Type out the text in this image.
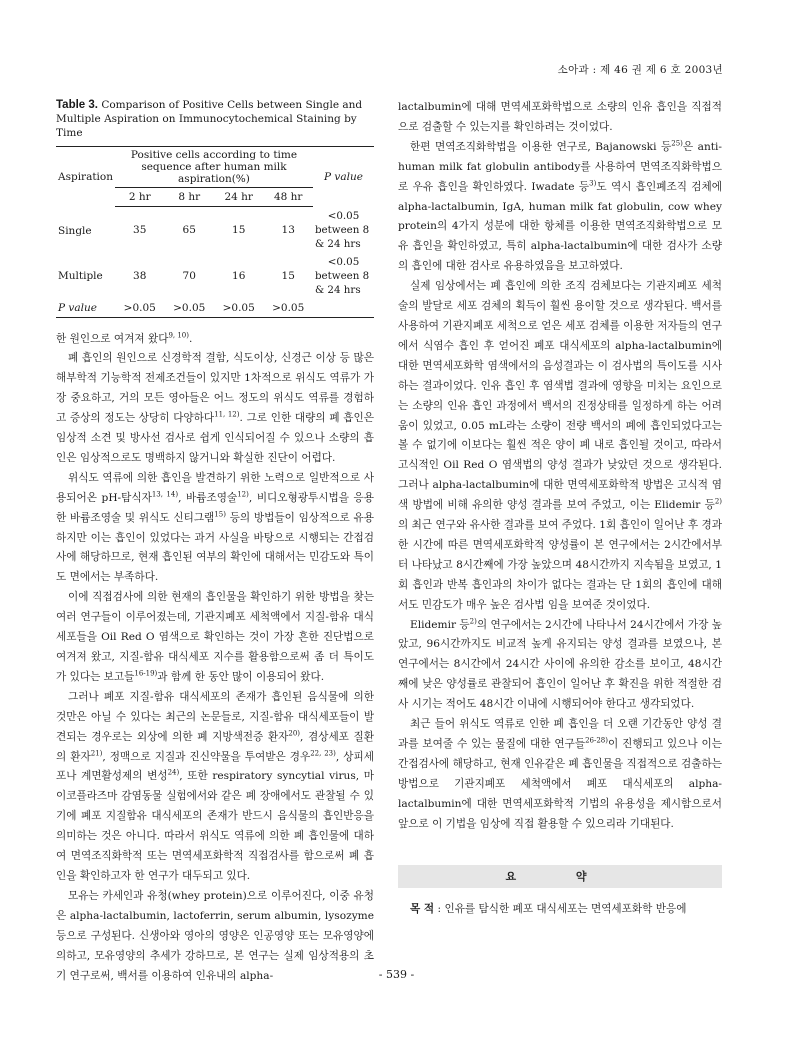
소아과 : 제 46 권 제 6 호 2003년
Table 3. Comparison of Positive Cells between Single and Multiple Aspiration on Immunocytochemical Staining by Time
Aspiration	Positive cells according to time sequence after human milk aspiration(%)				P value
	2 hr	8 hr	24 hr	48 hr	
Single	35	65	15	13	<0.05
between 8 & 24 hrs

Multiple	38	70	16	15	<0.05
between 8 & 24 hrs

P value	>0.05	>0.05	>0.05	>0.05	

한 원인으로 여겨져 왔다$^{9, 10)}$.

폐 흡인의 원인으로 신경학적 결함, 식도이상, 신경근 이상 등 많은 해부학적 기능학적 전제조건들이 있지만 1차적으로 위식도 역류가 가장 중요하고, 거의 모든 영아들은 어느 정도의 위식도 역류를 경험하고 증상의 정도는 상당히 다양하다$^{11, 12)}$. 그로 인한 대량의 폐 흡인은 임상적 소견 및 방사선 검사로 쉽게 인식되어질 수 있으나 소량의 흡인은 임상적으로도 명백하지 않거니와 확실한 진단이 어렵다.

위식도 역류에 의한 흡인을 발견하기 위한 노력으로 일반적으로 사용되어온 pH-탐식자$^{13, 14)}$, 바륨조영술$^{12)}$, 비디오형광투시법을 응용한 바륨조영술 및 위식도 신티그램$^{15)}$ 등의 방법들이 임상적으로 유용하지만 이는 흡인이 있었다는 과거 사실을 바탕으로 시행되는 간접검사에 해당하므로, 현재 흡인된 여부의 확인에 대해서는 민감도와 특이도 면에서는 부족하다.

이에 직접검사에 의한 현재의 흡인물을 확인하기 위한 방법을 찾는 여러 연구들이 이루어졌는데, 기관지폐포 세척액에서 지질-함유 대식세포들을 Oil Red O 염색으로 확인하는 것이 가장 흔한 진단법으로 여겨져 왔고, 지질-함유 대식세포 지수를 활용함으로써 좀 더 특이도가 있다는 보고들$^{16-19)}$과 함께 한 동안 많이 이용되어 왔다.

그러나 폐포 지질-함유 대식세포의 존재가 흡인된 음식물에 의한 것만은 아닐 수 있다는 최근의 논문들로, 지질-함유 대식세포들이 발견되는 경우로는 외상에 의한 폐 지방색전증 환자$^{20)}$, 겸상세포 질환의 환자$^{21)}$, 정맥으로 지질과 진신약물을 투여받은 경우$^{22, 23)}$, 상피세포나 계면활성제의 변성$^{24)}$, 또한 respiratory syncytial virus, 마이코플라즈마 감염동물 실험에서와 같은 폐 장애에서도 관찰될 수 있기에 폐포 지질함유 대식세포의 존재가 반드시 음식물의 흡인반응을 의미하는 것은 아니다. 따라서 위식도 역류에 의한 폐 흡인물에 대하여 면역조직화학적 또는 면역세포화학적 직접검사를 함으로써 폐 흡인을 확인하고자 한 연구가 대두되고 있다.

모유는 카세인과 유청(whey protein)으로 이루어진다, 이중 유청은 alpha-lactalbumin, lactoferrin, serum albumin, lysozyme 등으로 구성된다. 신생아와 영아의 영양은 인공영양 또는 모유영양에 의하고, 모유영양의 추세가 강하므로, 본 연구는 실제 임상적용의 초기 연구로써, 백서를 이용하여 인유내의 alpha-

lactalbumin에 대해 면역세포화학법으로 소량의 인유 흡인을 직접적으로 검출할 수 있는지를 확인하려는 것이었다.

한편 면역조직화학법을 이용한 연구로, Bajanowski 등$^{25)}$은 anti-human milk fat globulin antibody를 사용하여 면역조직화학법으로 우유 흡인을 확인하였다. Iwadate 등$^{3)}$도 역시 흡인폐조직 검체에 alpha-lactalbumin, IgA, human milk fat globulin, cow whey protein의 4가지 성분에 대한 항체를 이용한 면역조직화학법으로 모유 흡인을 확인하였고, 특히 alpha-lactalbumin에 대한 검사가 소량의 흡인에 대한 검사로 유용하였음을 보고하였다.

실제 임상에서는 폐 흡인에 의한 조직 검체보다는 기관지폐포 세척술의 발달로 세포 검체의 획득이 훨씬 용이할 것으로 생각된다. 백서를 사용하여 기관지폐포 세척으로 얻은 세포 검체를 이용한 저자들의 연구에서 식염수 흡인 후 얻어진 폐포 대식세포의 alpha-lactalbumin에 대한 면역세포화학 염색에서의 음성결과는 이 검사법의 특이도를 시사하는 결과이었다. 인유 흡인 후 염색법 결과에 영향을 미치는 요인으로는 소량의 인유 흡인 과정에서 백서의 진정상태를 일정하게 하는 어려움이 있었고, 0.05 mL라는 소량이 전량 백서의 폐에 흡인되었다고는 볼 수 없기에 이보다는 훨씬 적은 양이 폐 내로 흡인될 것이고, 따라서 고식적인 Oil Red O 염색법의 양성 결과가 낮았던 것으로 생각된다. 그러나 alpha-lactalbumin에 대한 면역세포화학적 방법은 고식적 염색 방법에 비해 유의한 양성 결과를 보여 주었고, 이는 Elidemir 등$^{2)}$의 최근 연구와 유사한 결과를 보여 주었다. 1회 흡인이 일어난 후 경과한 시간에 따른 면역세포화학적 양성률이 본 연구에서는 2시간에서부터 나타났고 8시간째에 가장 높았으며 48시간까지 지속됨을 보였고, 1회 흡인과 반복 흡인과의 차이가 없다는 결과는 단 1회의 흡인에 대해서도 민감도가 매우 높은 검사법 임을 보여준 것이었다.

Elidemir 등$^{2)}$의 연구에서는 2시간에 나타나서 24시간에서 가장 높았고, 96시간까지도 비교적 높게 유지되는 양성 결과를 보였으나, 본 연구에서는 8시간에서 24시간 사이에 유의한 감소를 보이고, 48시간째에 낮은 양성률로 관찰되어 흡인이 일어난 후 확진을 위한 적절한 검사 시기는 적어도 48시간 이내에 시행되어야 한다고 생각되었다.

최근 들어 위식도 역류로 인한 폐 흡인을 더 오랜 기간동안 양성 결과를 보여줄 수 있는 물질에 대한 연구들$^{26-28)}$이 진행되고 있으나 이는 간접검사에 해당하고, 현재 인유같은 폐 흡인물을 직접적으로 검출하는 방법으로 기관지폐포 세척액에서 폐포 대식세포의 alpha-lactalbumin에 대한 면역세포화학적 기법의 유용성을 제시함으로서 앞으로 이 기법을 임상에 직접 활용할 수 있으리라 기대된다.

요 약

목 적 : 인유를 탐식한 폐포 대식세포는 면역세포화학 반응에

- 539 -
